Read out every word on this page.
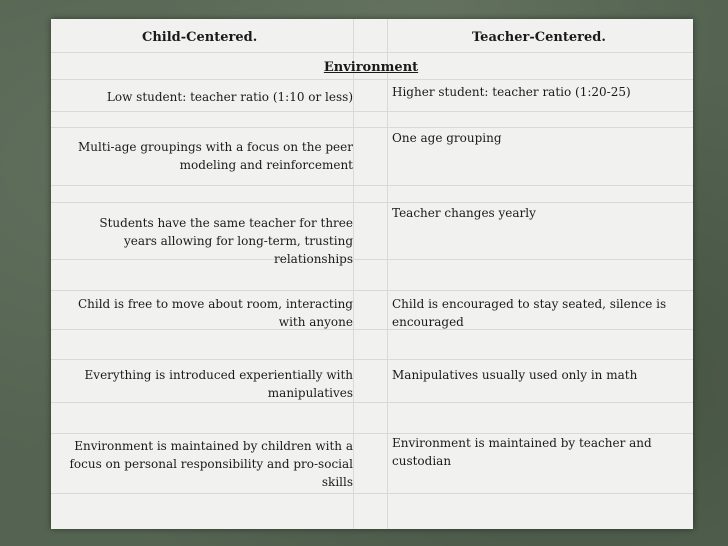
Child-Centered.	Teacher-Centered.
Environment
Low student: teacher ratio (1:10 or less)	Higher student: teacher ratio (1:20-25)
Multi-age groupings with a focus on the peer modeling and reinforcement
One age grouping
Students have the same teacher for three years allowing for long-term, trusting relationships
Teacher changes yearly
Child is free to move about room, interacting with anyone
Child is encouraged to stay seated, silence is encouraged
Everything is introduced experientially with manipulatives
Manipulatives usually used only in math
Environment is maintained by children with a focus on personal responsibility and pro-social skills
Environment is maintained by teacher and custodian
